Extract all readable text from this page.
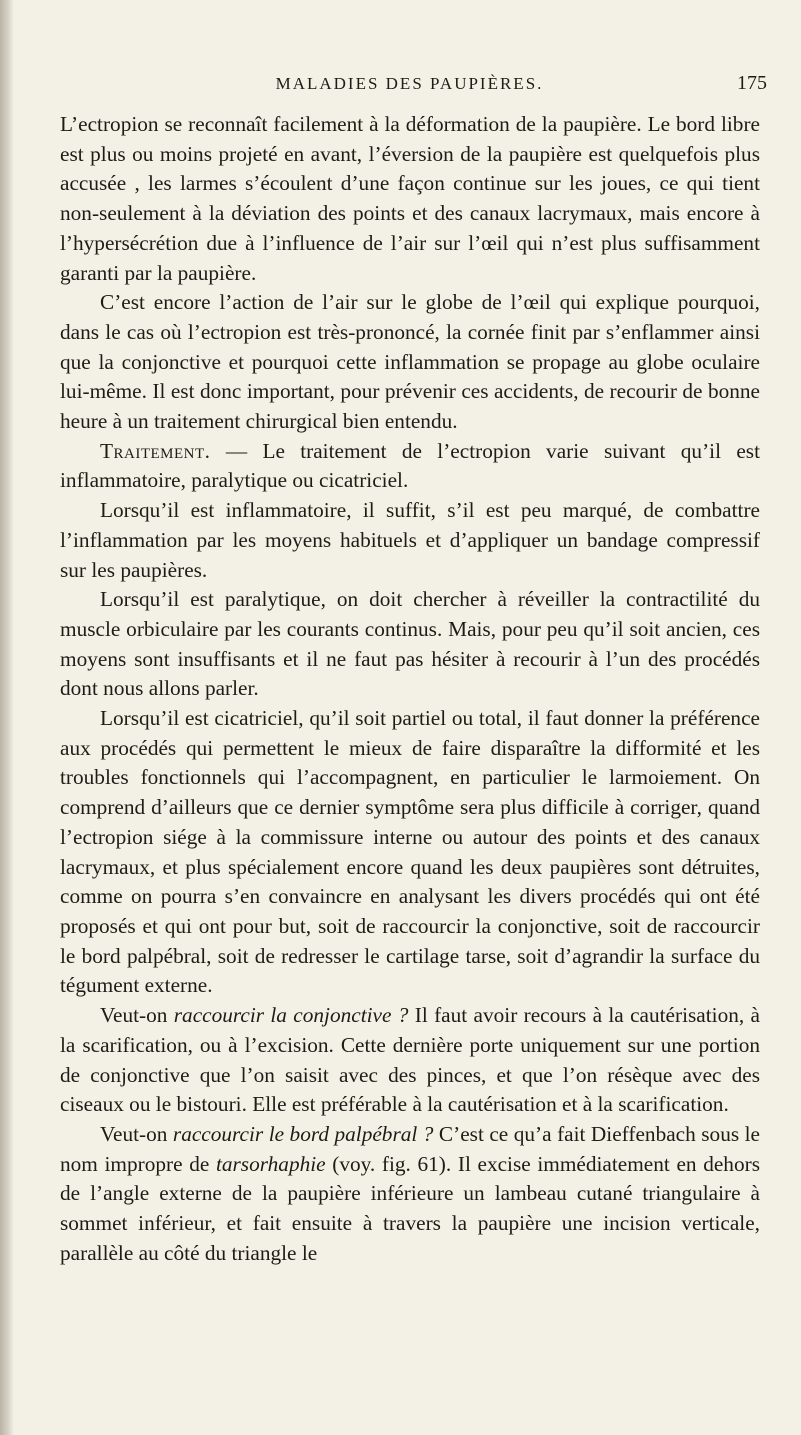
MALADIES DES PAUPIÈRES.	175

L’ectropion se reconnaît facilement à la déformation de la paupière. Le bord libre est plus ou moins projeté en avant, l’éversion de la paupière est quelquefois plus accusée , les larmes s’écoulent d’une façon continue sur les joues, ce qui tient non-seulement à la déviation des points et des canaux lacrymaux, mais encore à l’hypersécrétion due à l’influence de l’air sur l’œil qui n’est plus suffisamment garanti par la paupière.

C’est encore l’action de l’air sur le globe de l’œil qui explique pourquoi, dans le cas où l’ectropion est très-prononcé, la cornée finit par s’enflammer ainsi que la conjonctive et pourquoi cette inflammation se propage au globe oculaire lui-même. Il est donc important, pour prévenir ces accidents, de recourir de bonne heure à un traitement chirurgical bien entendu.

Traitement. — Le traitement de l’ectropion varie suivant qu’il est inflammatoire, paralytique ou cicatriciel.

Lorsqu’il est inflammatoire, il suffit, s’il est peu marqué, de combattre l’inflammation par les moyens habituels et d’appliquer un bandage compressif sur les paupières.

Lorsqu’il est paralytique, on doit chercher à réveiller la contractilité du muscle orbiculaire par les courants continus. Mais, pour peu qu’il soit ancien, ces moyens sont insuffisants et il ne faut pas hésiter à recourir à l’un des procédés dont nous allons parler.

Lorsqu’il est cicatriciel, qu’il soit partiel ou total, il faut donner la préférence aux procédés qui permettent le mieux de faire disparaître la difformité et les troubles fonctionnels qui l’accompagnent, en particulier le larmoiement. On comprend d’ailleurs que ce dernier symptôme sera plus difficile à corriger, quand l’ectropion siége à la commissure interne ou autour des points et des canaux lacrymaux, et plus spécialement encore quand les deux paupières sont détruites, comme on pourra s’en convaincre en analysant les divers procédés qui ont été proposés et qui ont pour but, soit de raccourcir la conjonctive, soit de raccourcir le bord palpébral, soit de redresser le cartilage tarse, soit d’agrandir la surface du tégument externe.

Veut-on raccourcir la conjonctive ? Il faut avoir recours à la cautérisation, à la scarification, ou à l’excision. Cette dernière porte uniquement sur une portion de conjonctive que l’on saisit avec des pinces, et que l’on résèque avec des ciseaux ou le bistouri. Elle est préférable à la cautérisation et à la scarification.

Veut-on raccourcir le bord palpébral ? C’est ce qu’a fait Dieffenbach sous le nom impropre de tarsorhaphie (voy. fig. 61). Il excise immédiatement en dehors de l’angle externe de la paupière inférieure un lambeau cutané triangulaire à sommet inférieur, et fait ensuite à travers la paupière une incision verticale, parallèle au côté du triangle le
